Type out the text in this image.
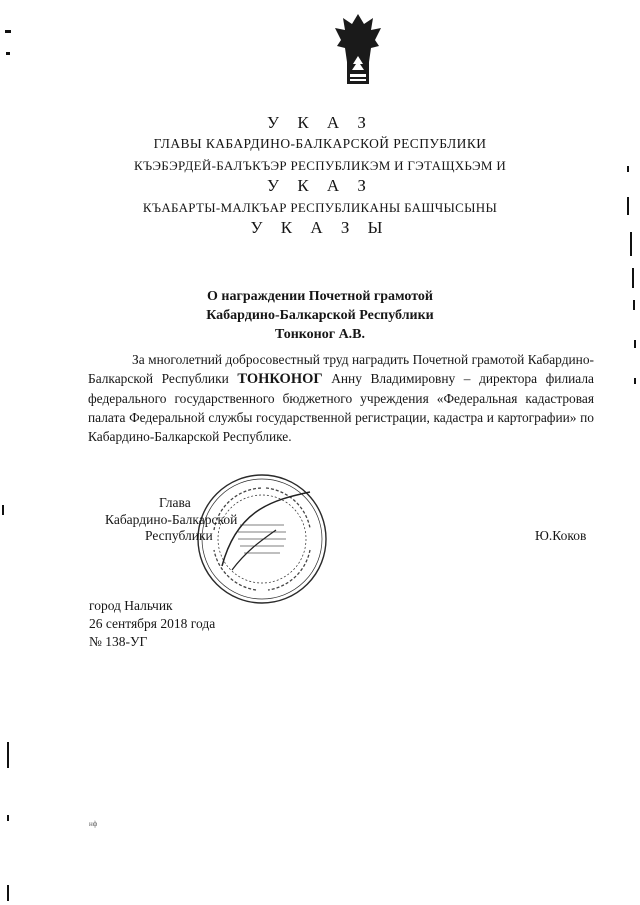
У К А З
ГЛАВЫ КАБАРДИНО-БАЛКАРСКОЙ РЕСПУБЛИКИ
КЪЭБЭРДЕЙ-БАЛЪКЪЭР РЕСПУБЛИКЭМ И ГЭТАЩХЬЭМ И
У К А З
КЪАБАРТЫ-МАЛКЪАР РЕСПУБЛИКАНЫ БАШЧЫСЫНЫ
У К А З Ы
О награждении Почетной грамотой
Кабардино-Балкарской Республики
Тонконог А.В.

За многолетний добросовестный труд наградить Почетной грамотой Кабардино-Балкарской Республики ТОНКОНОГ Анну Владимировну – директора филиала федерального государственного бюджетного учреждения «Федеральная кадастровая палата Федеральной службы государственной регистрации, кадастра и картографии» по Кабардино-Балкарской Республике.

Глава
Кабардино-Балкарской
Республики	Ю.Коков
город Нальчик
26 сентября 2018 года
№ 138-УГ
нф
